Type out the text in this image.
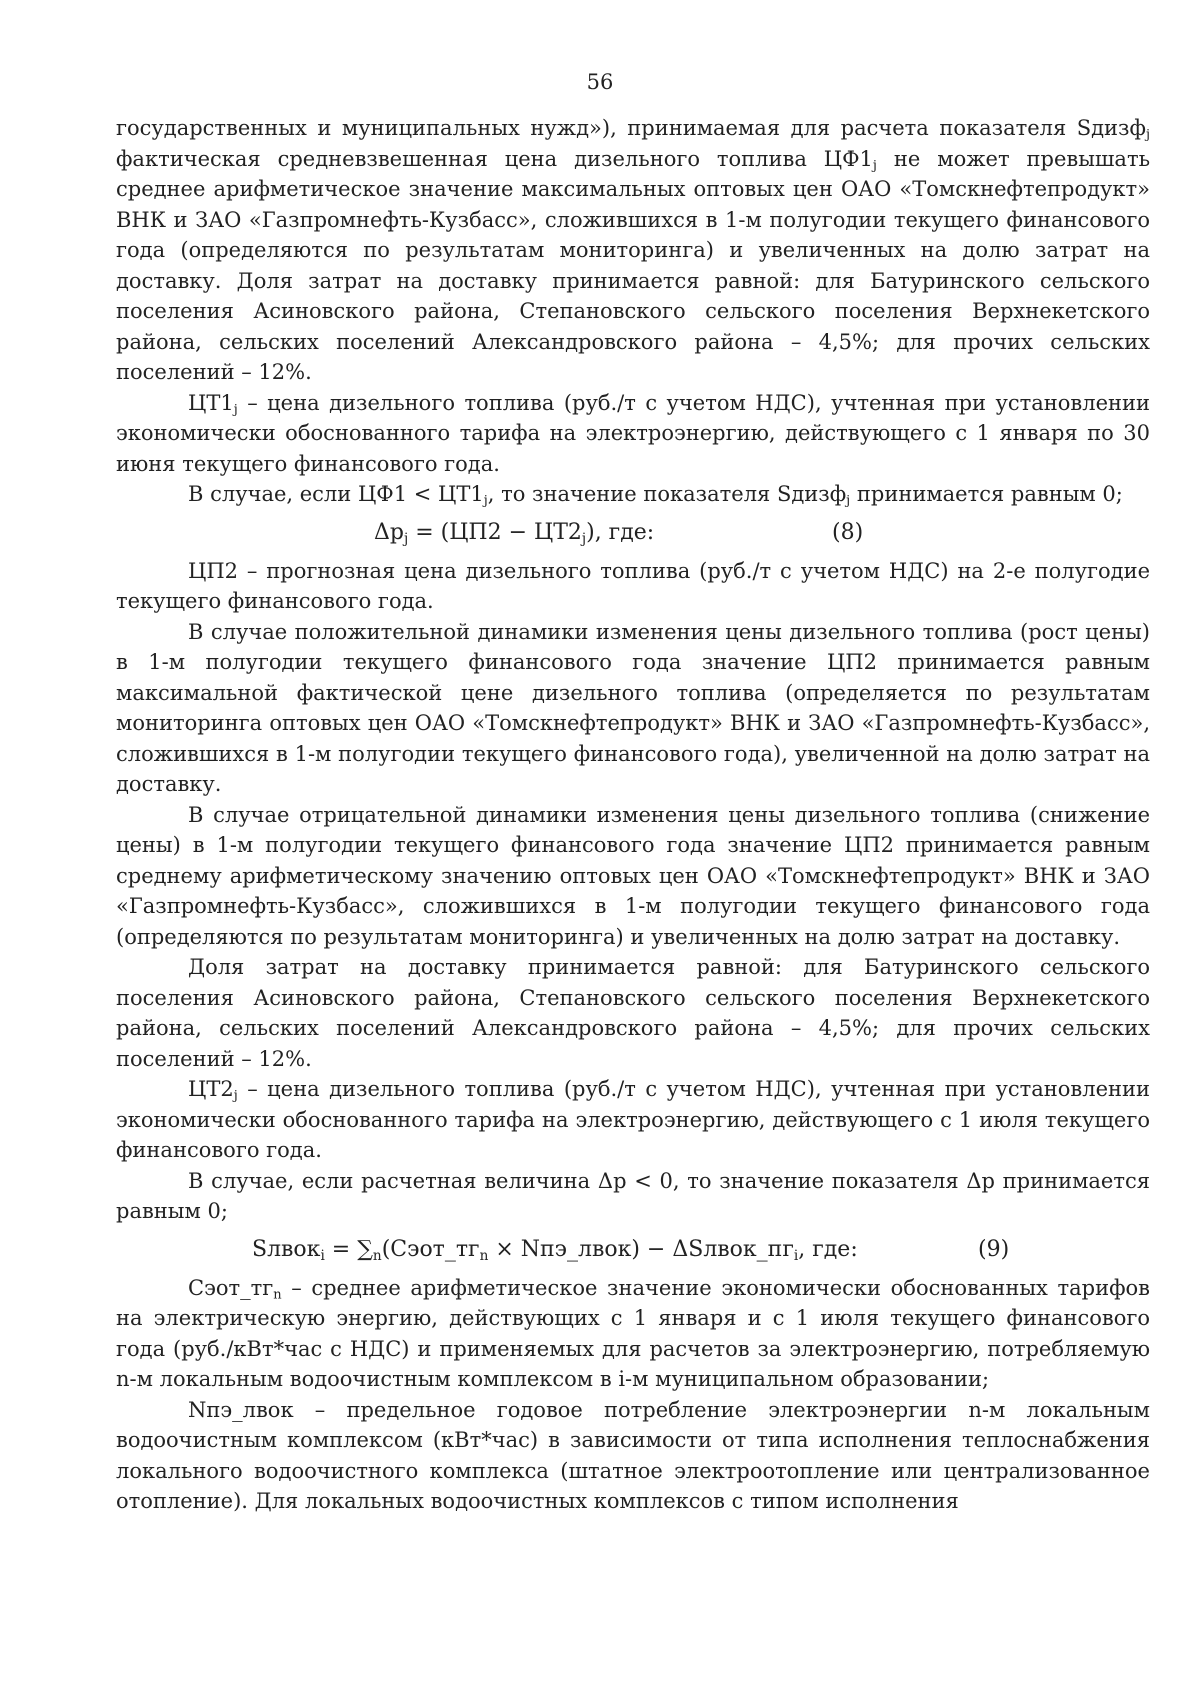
56

государственных и муниципальных нужд»), принимаемая для расчета показателя Sдизф$_j$ фактическая средневзвешенная цена дизельного топлива $ЦФ1_j$ не может превышать среднее арифметическое значение максимальных оптовых цен ОАО «Томскнефтепродукт» ВНК и ЗАО «Газпромнефть-Кузбасс», сложившихся в 1-м полугодии текущего финансового года (определяются по результатам мониторинга) и увеличенных на долю затрат на доставку. Доля затрат на доставку принимается равной: для Батуринского сельского поселения Асиновского района, Степановского сельского поселения Верхнекетского района, сельских поселений Александровского района – 4,5%; для прочих сельских поселений – 12%.

$ЦТ1_j$ – цена дизельного топлива (руб./т с учетом НДС), учтенная при установлении экономически обоснованного тарифа на электроэнергию, действующего с 1 января по 30 июня текущего финансового года.

В случае, если $ЦФ1 < ЦТ1_j$, то значение показателя Sдизф$_j$ принимается равным 0;

$\Delta p_j = (ЦП2 - ЦТ2_j)$, где:	(8)

ЦП2 – прогнозная цена дизельного топлива (руб./т с учетом НДС) на 2-е полугодие текущего финансового года.

В случае положительной динамики изменения цены дизельного топлива (рост цены) в 1-м полугодии текущего финансового года значение ЦП2 принимается равным максимальной фактической цене дизельного топлива (определяется по результатам мониторинга оптовых цен ОАО «Томскнефтепродукт» ВНК и ЗАО «Газпромнефть-Кузбасс», сложившихся в 1-м полугодии текущего финансового года), увеличенной на долю затрат на доставку.

В случае отрицательной динамики изменения цены дизельного топлива (снижение цены) в 1-м полугодии текущего финансового года значение ЦП2 принимается равным среднему арифметическому значению оптовых цен ОАО «Томскнефтепродукт» ВНК и ЗАО «Газпромнефть-Кузбасс», сложившихся в 1-м полугодии текущего финансового года (определяются по результатам мониторинга) и увеличенных на долю затрат на доставку.

Доля затрат на доставку принимается равной: для Батуринского сельского поселения Асиновского района, Степановского сельского поселения Верхнекетского района, сельских поселений Александровского района – 4,5%; для прочих сельских поселений – 12%.

$ЦТ2_j$ – цена дизельного топлива (руб./т с учетом НДС), учтенная при установлении экономически обоснованного тарифа на электроэнергию, действующего с 1 июля текущего финансового года.

В случае, если расчетная величина Δp < 0, то значение показателя Δp принимается равным 0;

Sлвок$_i$ = $\sum_n(Сэот\_тг_n$ × Nпэ_лвок) − $\Delta Sлвок\_пг_i$, где:	(9)

$Сэот\_тг_n$ – среднее арифметическое значение экономически обоснованных тарифов на электрическую энергию, действующих с 1 января и с 1 июля текущего финансового года (руб./кВт*час с НДС) и применяемых для расчетов за электроэнергию, потребляемую n-м локальным водоочистным комплексом в i-м муниципальном образовании;

Nпэ_лвок – предельное годовое потребление электроэнергии n-м локальным водоочистным комплексом (кВт*час) в зависимости от типа исполнения теплоснабжения локального водоочистного комплекса (штатное электроотопление или централизованное отопление). Для локальных водоочистных комплексов с типом исполнения
